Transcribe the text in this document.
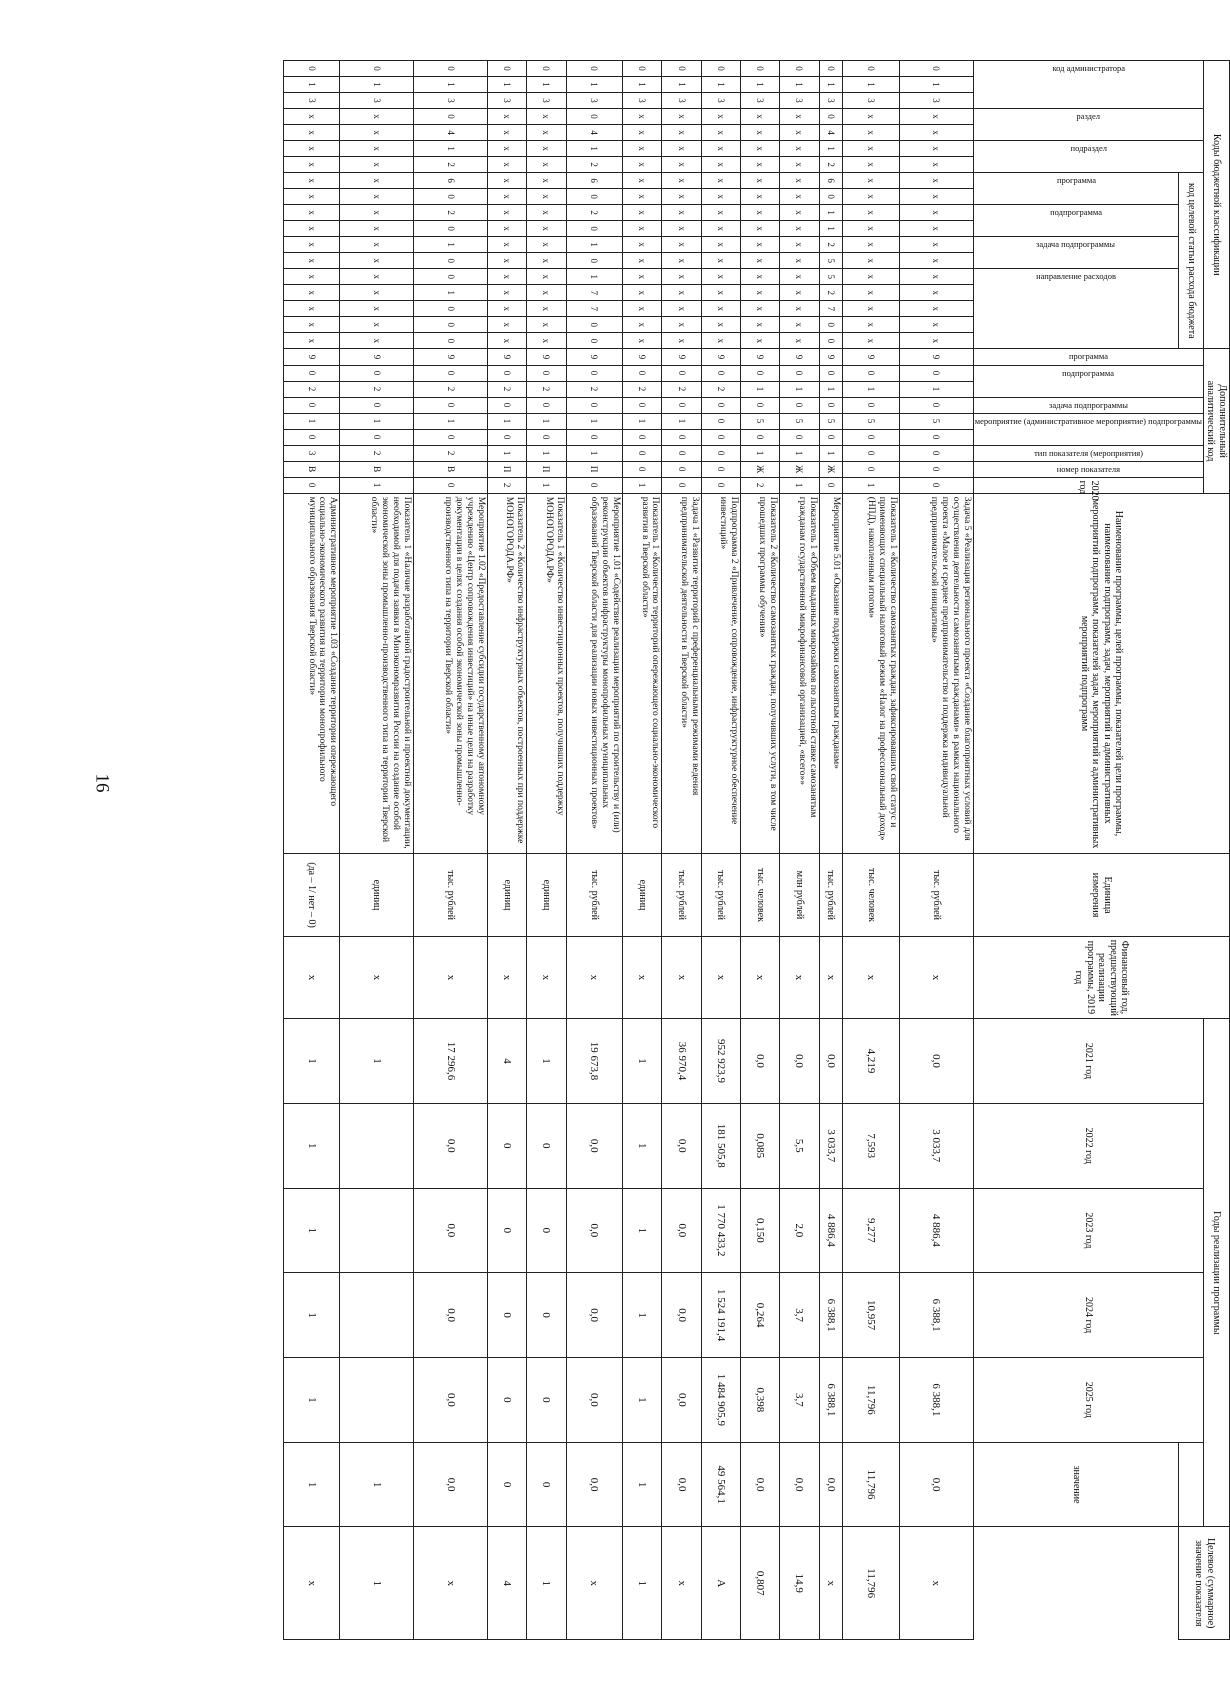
16
Коды бюджетной классификации																		Дополнительный аналитический код									Наименование программы, целей программы, показателей цели программы, наименование подпрограмм, задач, мероприятий и административных мероприятий подпрограмм, показателей задач, мероприятий и административных мероприятий подпрограмм	Единица измерения	Финансовый год, предшествующий реализации программы, 2019 год	Годы реализации программы						Целевое (суммарное) значение показателя

код администратора			раздел		подраздел		код целевой статьи расхода бюджета											программа	подпрограмма		задача подпрограммы	мероприятие (административное мероприятие) подпрограммы		тип показателя (мероприятия)	номер показателя	2020 год				2021 год	2022 год	2023 год	2024 год	2025 год		

							программа		подпрограмма		задача подпрограммы		направление расходов																						значение	
0	1	3	x	x	x	x	x	x	x	x	x	x	x	x	x	x	x	9	0	1	0	5	0	0	0	0	Задача 5 «Реализация регионального проекта «Создание благоприятных условий для осуществления деятельности самозанятыми гражданами» в рамках национального проекта «Малое и среднее предпринимательство и поддержка индивидуальной предпринимательской инициативы»	тыс. рублей	x	0,0	3 033,7	4 886,4	6 388,1	6 388,1	0,0	x
0	1	3	x	x	x	x	x	x	x	x	x	x	x	x	x	x	x	9	0	1	0	5	0	0	0	1	Показатель 1 «Количество самозанятых граждан, зафиксировавших свой статус и применяющих специальный налоговый режим «Налог на профессиональный доход» (НПД), накопленным итогом»	тыс. человек	x	4,219	7,593	9,277	10,957	11,796	11,796	11,796
0	1	3	0	4	1	2	6	0	1	1	2	5	5	2	7	0	0	9	0	1	0	5	0	1	Ж	0	Мероприятие 5.01 «Оказание поддержки самозанятым гражданам»	тыс. рублей	x	0,0	3 033,7	4 886,4	6 388,1	6 388,1	0,0	x
0	1	3	x	x	x	x	x	x	x	x	x	x	x	x	x	x	x	9	0	1	0	5	0	1	Ж	1	Показатель 1 «Объем выданных микрозаймов по льготной ставке самозанятым гражданам государственной микрофинансовой организацией, «всего»»	млн рублей	x	0,0	5,5	2,0	3,7	3,7	0,0	14,9
0	1	3	x	x	x	x	x	x	x	x	x	x	x	x	x	x	x	9	0	1	0	5	0	1	Ж	2	Показатель 2 «Количество самозанятых граждан, получивших услуги, в том числе прошедших программы обучения»	тыс. человек	x	0,0	0,085	0,150	0,264	0,398	0,0	0,807
0	1	3	x	x	x	x	x	x	x	x	x	x	x	x	x	x	x	9	0	2	0	0	0	0	0	0	Подпрограмма 2 «Привлечение, сопровождение, инфраструктурное обеспечение инвестиций»	тыс. рублей	x	952 923,9	181 505,8	1 770 433,2	1 524 191,4	1 484 905,9	49 564,1	A
0	1	3	x	x	x	x	x	x	x	x	x	x	x	x	x	x	x	9	0	2	0	1	0	0	0	0	Задача 1 «Развитие территорий с преференциальными режимами ведения предпринимательской деятельности в Тверской области»	тыс. рублей	x	36 970,4	0,0	0,0	0,0	0,0	0,0	x
0	1	3	x	x	x	x	x	x	x	x	x	x	x	x	x	x	x	9	0	2	0	1	0	0	0	1	Показатель 1 «Количество территорий опережающего социально-экономического развития в Тверской области»	единиц	x	1	1	1	1	1	1	1
0	1	3	0	4	1	2	6	0	2	0	1	0	1	7	7	0	0	9	0	2	0	1	0	1	П	0	Мероприятие 1.01 «Содействие реализации мероприятий по строительству и (или) реконструкции объектов инфраструктуры монопрофильных муниципальных образований Тверской области для реализации новых инвестиционных проектов»	тыс. рублей	x	19 673,8	0,0	0,0	0,0	0,0	0,0	x
0	1	3	x	x	x	x	x	x	x	x	x	x	x	x	x	x	x	9	0	2	0	1	0	1	П	1	Показатель 1 «Количество инвестиционных проектов, получивших поддержку МОНОГОРОДА.РФ»	единиц	x	1	0	0	0	0	0	1
0	1	3	x	x	x	x	x	x	x	x	x	x	x	x	x	x	x	9	0	2	0	1	0	1	П	2	Показатель 2 «Количество инфраструктурных объектов, построенных при поддержке МОНОГОРОДА.РФ»	единиц	x	4	0	0	0	0	0	4
0	1	3	0	4	1	2	6	0	2	0	1	0	0	1	0	0	0	9	0	2	0	1	0	2	В	0	Мероприятие 1.02 «Предоставление субсидии государственному автономному учреждению «Центр сопровождения инвестиций» на иные цели на разработку документации в целях создания особой экономической зоны промышленно-производственного типа на территории Тверской области»	тыс. рублей	x	17 296,6	0,0	0,0	0,0	0,0	0,0	x
0	1	3	x	x	x	x	x	x	x	x	x	x	x	x	x	x	x	9	0	2	0	1	0	2	В	1	Показатель 1 «Наличие разработанной градостроительной и проектной документации, необходимой для подачи заявки в Минэкономразвития России на создание особой экономической зоны промышленно-производственного типа на территории Тверской области»	единиц	x	1					1	1
0	1	3	x	x	x	x	x	x	x	x	x	x	x	x	x	x	x	9	0	2	0	1	0	3	В	0	Административное мероприятие 1.03 «Создание территории опережающего социально-экономического развития на территории монопрофильного муниципального образования Тверской области»	(да – 1/ нет – 0)	x	1	1	1	1	1	1	x
